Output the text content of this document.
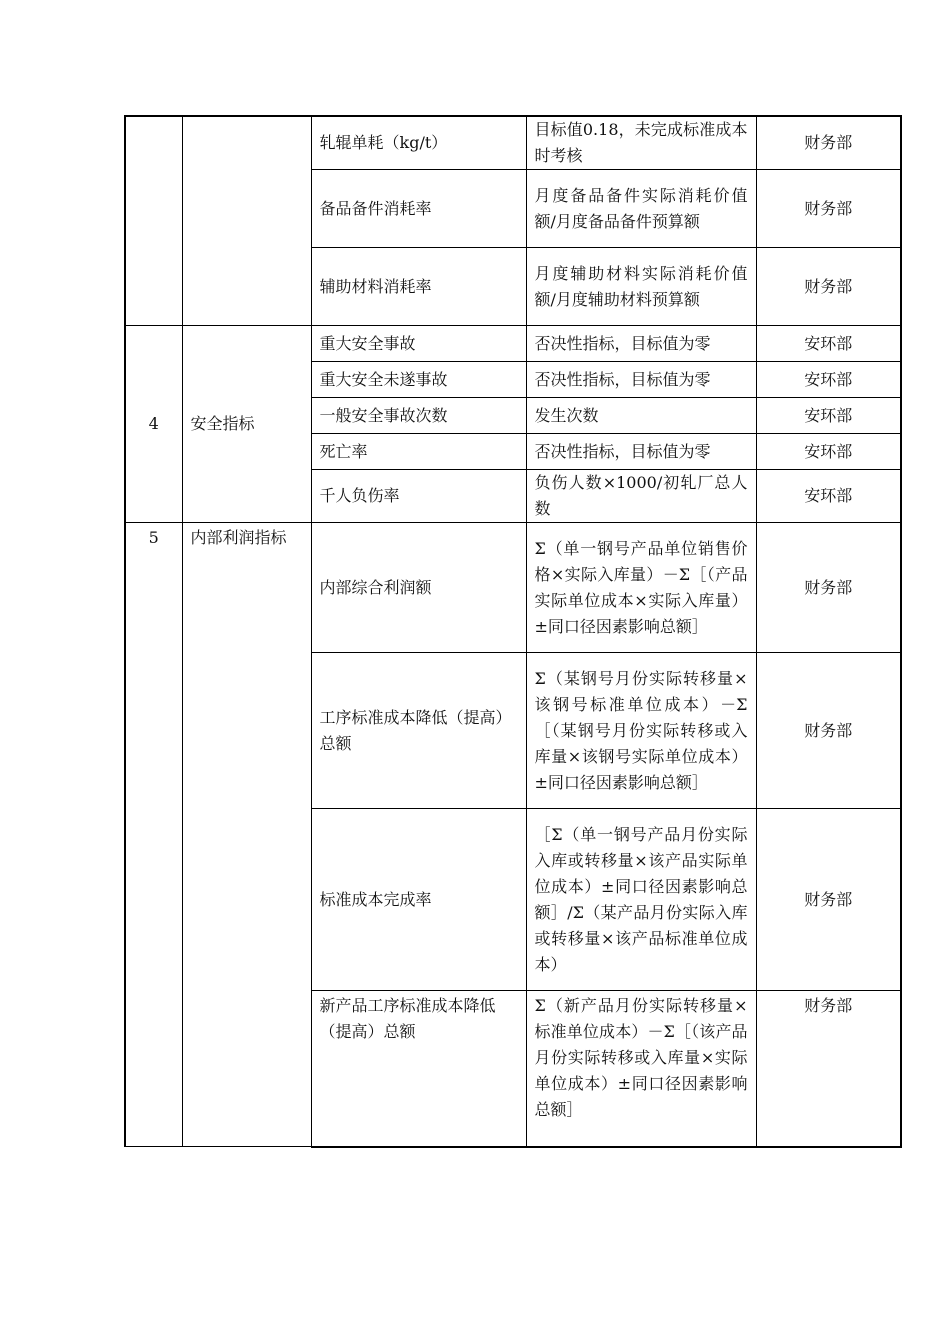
		轧辊单耗（kg/t）	目标值0.18，未完成标准成本时考核	财务部
		备品备件消耗率	月度备品备件实际消耗价值额/月度备品备件预算额	财务部
		辅助材料消耗率	月度辅助材料实际消耗价值额/月度辅助材料预算额	财务部
4	安全指标	重大安全事故	否决性指标，目标值为零	安环部
		重大安全未遂事故	否决性指标，目标值为零	安环部
		一般安全事故次数	发生次数	安环部
		死亡率	否决性指标，目标值为零	安环部
		千人负伤率	负伤人数×1000/初轧厂总人数	安环部
5	内部利润指标	内部综合利润额	Σ（单一钢号产品单位销售价格×实际入库量）－Σ［（产品实际单位成本×实际入库量）±同口径因素影响总额］	财务部
		工序标准成本降低（提高）总额	Σ（某钢号月份实际转移量×该钢号标准单位成本）－Σ［（某钢号月份实际转移或入库量×该钢号实际单位成本）±同口径因素影响总额］	财务部
		标准成本完成率	［Σ（单一钢号产品月份实际入库或转移量×该产品实际单位成本）±同口径因素影响总额］/Σ（某产品月份实际入库或转移量×该产品标准单位成本）	财务部
		新产品工序标准成本降低（提高）总额	Σ（新产品月份实际转移量×标准单位成本）－Σ［（该产品月份实际转移或入库量×实际单位成本）±同口径因素影响总额］	财务部
